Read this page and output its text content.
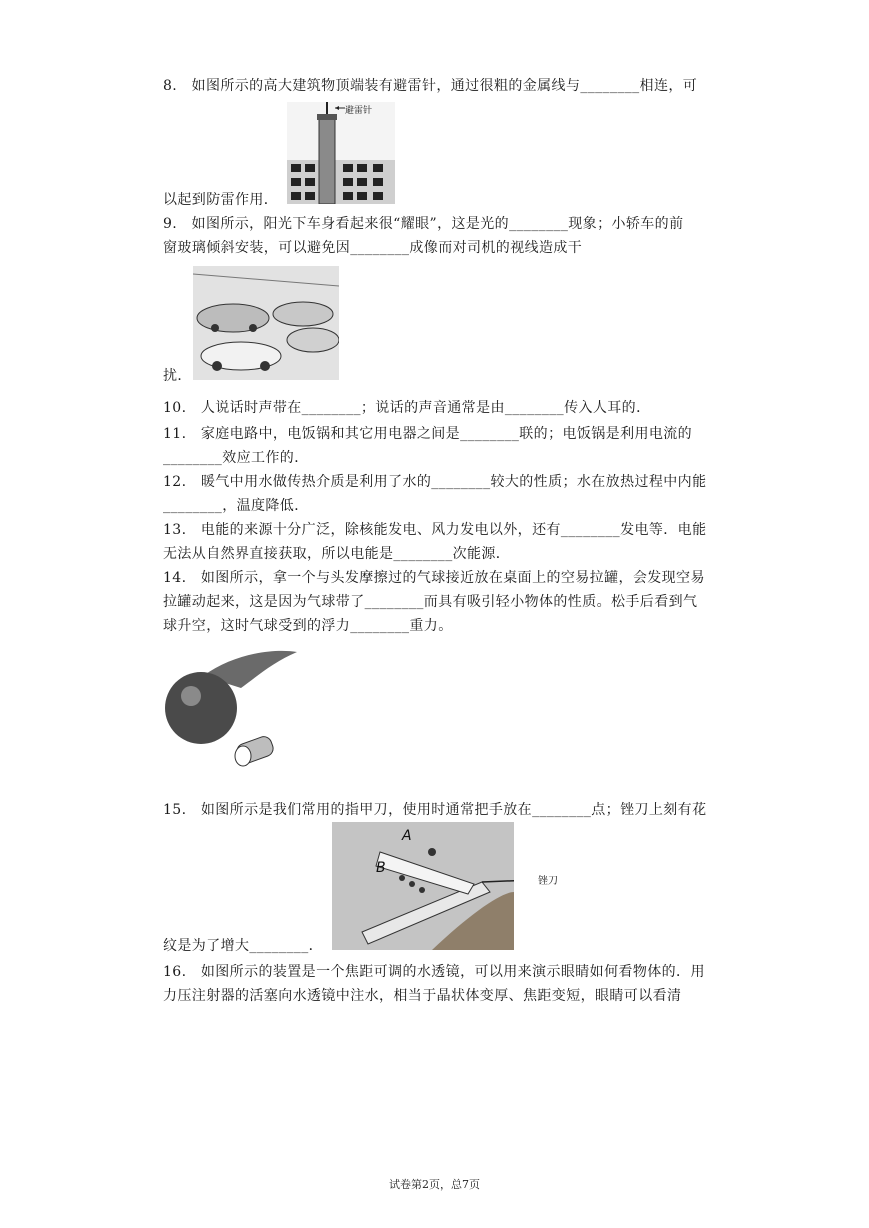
8.　如图所示的高大建筑物顶端装有避雷针，通过很粗的金属线与________相连，可
避雷针
以起到防雷作用．
9.　如图所示，阳光下车身看起来很“耀眼”，这是光的________现象；小轿车的前
窗玻璃倾斜安装，可以避免因________成像而对司机的视线造成干
扰．
10.　人说话时声带在________；说话的声音通常是由________传入人耳的．
11.　家庭电路中，电饭锅和其它用电器之间是________联的；电饭锅是利用电流的
________效应工作的．
12.　暖气中用水做传热介质是利用了水的________较大的性质；水在放热过程中内能
________，温度降低．
13.　电能的来源十分广泛，除核能发电、风力发电以外，还有________发电等．电能
无法从自然界直接获取，所以电能是________次能源．
14.　如图所示，拿一个与头发摩擦过的气球接近放在桌面上的空易拉罐，会发现空易
拉罐动起来，这是因为气球带了________而具有吸引轻小物体的性质。松手后看到气
球升空，这时气球受到的浮力________重力。
15.　如图所示是我们常用的指甲刀，使用时通常把手放在________点；锉刀上刻有花
A
B
锉刀
纹是为了增大________．
16.　如图所示的装置是一个焦距可调的水透镜，可以用来演示眼睛如何看物体的．用
力压注射器的活塞向水透镜中注水，相当于晶状体变厚、焦距变短，眼睛可以看清
试卷第2页，总7页
